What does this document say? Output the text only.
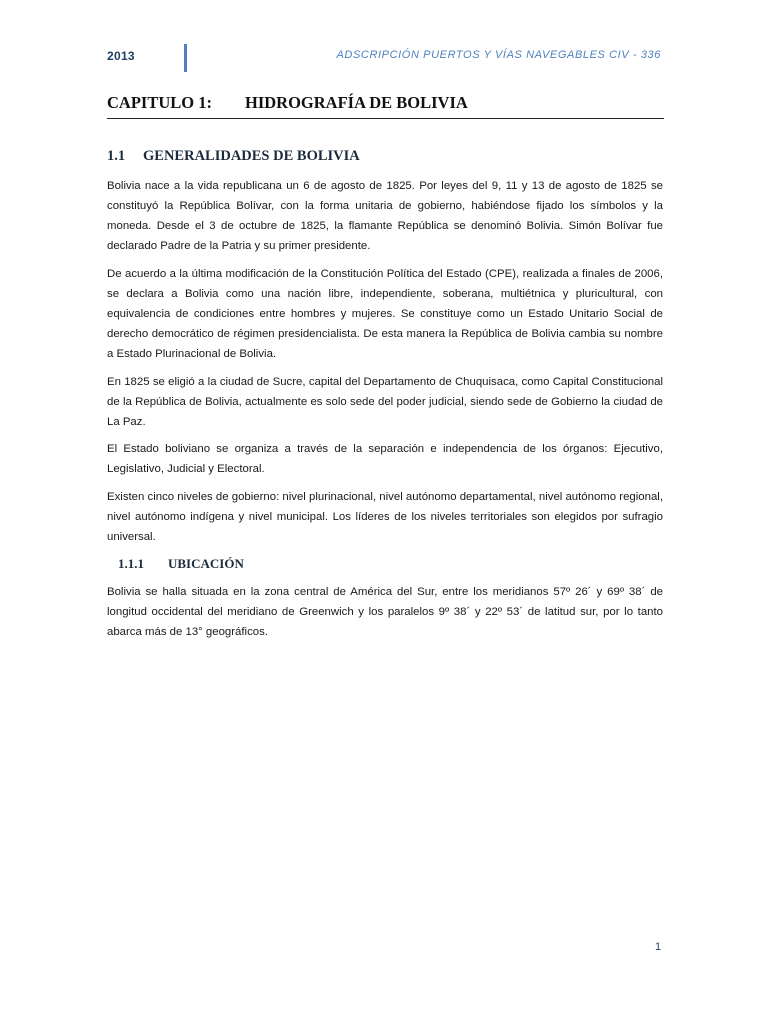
2013	ADSCRIPCIÓN PUERTOS Y VÍAS NAVEGABLES CIV - 336
CAPITULO 1: HIDROGRAFÍA DE BOLIVIA
1.1 GENERALIDADES DE BOLIVIA

Bolivia nace a la vida republicana un 6 de agosto de 1825. Por leyes del 9, 11 y 13 de agosto de 1825 se constituyó la República Bolívar, con la forma unitaria de gobierno, habiéndose fijado los símbolos y la moneda. Desde el 3 de octubre de 1825, la flamante República se denominó Bolivia. Simón Bolívar fue declarado Padre de la Patria y su primer presidente.

De acuerdo a la última modificación de la Constitución Política del Estado (CPE), realizada a finales de 2006, se declara a Bolivia como una nación libre, independiente, soberana, multiétnica y pluricultural, con equivalencia de condiciones entre hombres y mujeres. Se constituye como un Estado Unitario Social de derecho democrático de régimen presidencialista. De esta manera la República de Bolivia cambia su nombre a Estado Plurinacional de Bolivia.

En 1825 se eligió a la ciudad de Sucre, capital del Departamento de Chuquisaca, como Capital Constitucional de la República de Bolivia, actualmente es solo sede del poder judicial, siendo sede de Gobierno la ciudad de La Paz.

El Estado boliviano se organiza a través de la separación e independencia de los órganos: Ejecutivo, Legislativo, Judicial y Electoral.

Existen cinco niveles de gobierno: nivel plurinacional, nivel autónomo departamental, nivel autónomo regional, nivel autónomo indígena y nivel municipal. Los líderes de los niveles territoriales son elegidos por sufragio universal.

1.1.1 UBICACIÓN

Bolivia se halla situada en la zona central de América del Sur, entre los meridianos 57º 26´ y 69º 38´ de longitud occidental del meridiano de Greenwich y los paralelos 9º 38´ y 22º 53´ de latitud sur, por lo tanto abarca más de 13° geográficos.

1
